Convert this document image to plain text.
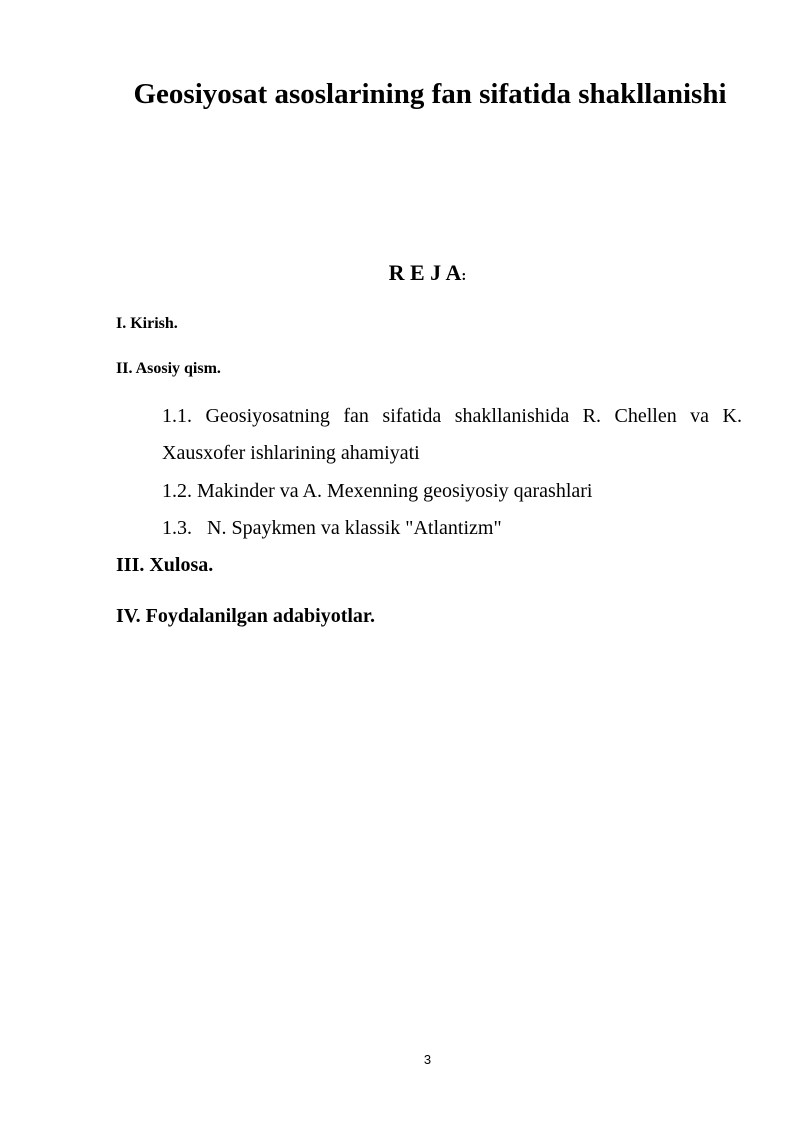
Geosiyosat asoslarining fan sifatida shakllanishi
R E J A:

I. Kirish.

II. Asosiy qism.

1.1. Geosiyosatning fan sifatida shakllanishida R. Chellen va K. Xausxofer ishlarining ahamiyati

1.2. Makinder va A. Mexenning geosiyosiy qarashlari

1.3.   N. Spaykmen va klassik "Atlantizm"

III. Xulosa.

IV. Foydalanilgan adabiyotlar.

3
